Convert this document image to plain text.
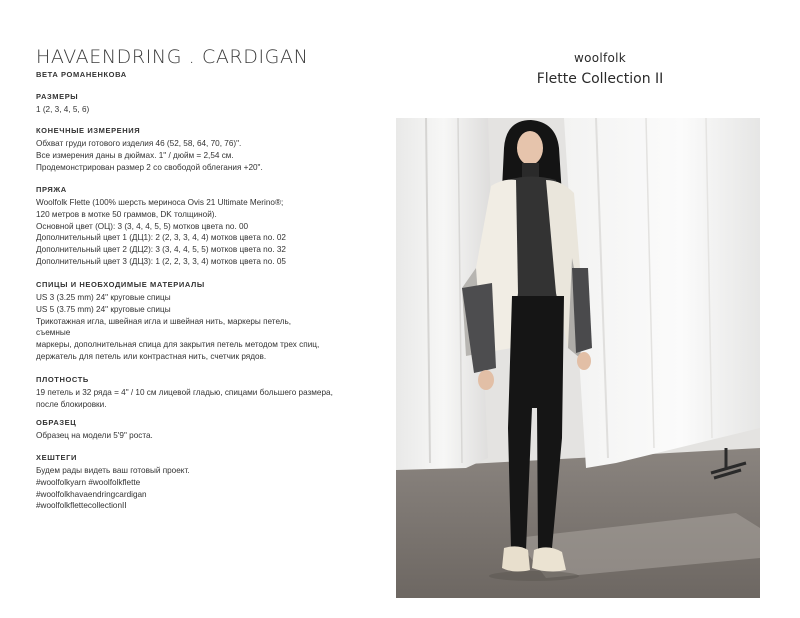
HAVAENDRING . CARDIGAN
ВЕТА РОМАНЕНКОВА
РАЗМЕРЫ

1 (2, 3, 4, 5, 6)

КОНЕЧНЫЕ ИЗМЕРЕНИЯ

Обхват груди готового изделия 46 (52, 58, 64, 70, 76)".

Все измерения даны в дюймах. 1" / дюйм = 2,54 см.

Продемонстрирован размер 2 со свободой облегания +20".

ПРЯЖА

Woolfolk Flette (100% шерсть мериноса Ovis 21 Ultimate Merino®;

120 метров в мотке 50 граммов, DK толщиной).

Основной цвет (ОЦ): 3 (3, 4, 4, 5, 5) мотков цвета no. 00

Дополнительный цвет 1 (ДЦ1): 2 (2, 3, 3, 4, 4) мотков цвета no. 02

Дополнительный цвет 2 (ДЦ2): 3 (3, 4, 4, 5, 5) мотков цвета no. 32

Дополнительный цвет 3 (ДЦ3): 1 (2, 2, 3, 3, 4) мотков цвета no. 05

СПИЦЫ И НЕОБХОДИМЫЕ МАТЕРИАЛЫ

US 3 (3.25 mm) 24" круговые спицы

US 5 (3.75 mm) 24" круговые спицы

Трикотажная игла, швейная игла и швейная нить, маркеры петель,

съемные

маркеры, дополнительная спица для закрытия петель методом трех спиц,

держатель для петель или контрастная нить, счетчик рядов.

ПЛОТНОСТЬ

19 петель и 32 ряда = 4" / 10 см лицевой гладью, спицами большего размера,

после блокировки.

ОБРАЗЕЦ

Образец на модели 5'9" роста.

ХЕШТЕГИ

Будем рады видеть ваш готовый проект.

#woolfolkyarn #woolfolkflette

#woolfolkhavaendringcardigan

#woolfolkflettecollectionII

woolfolk
Flette Collection II
